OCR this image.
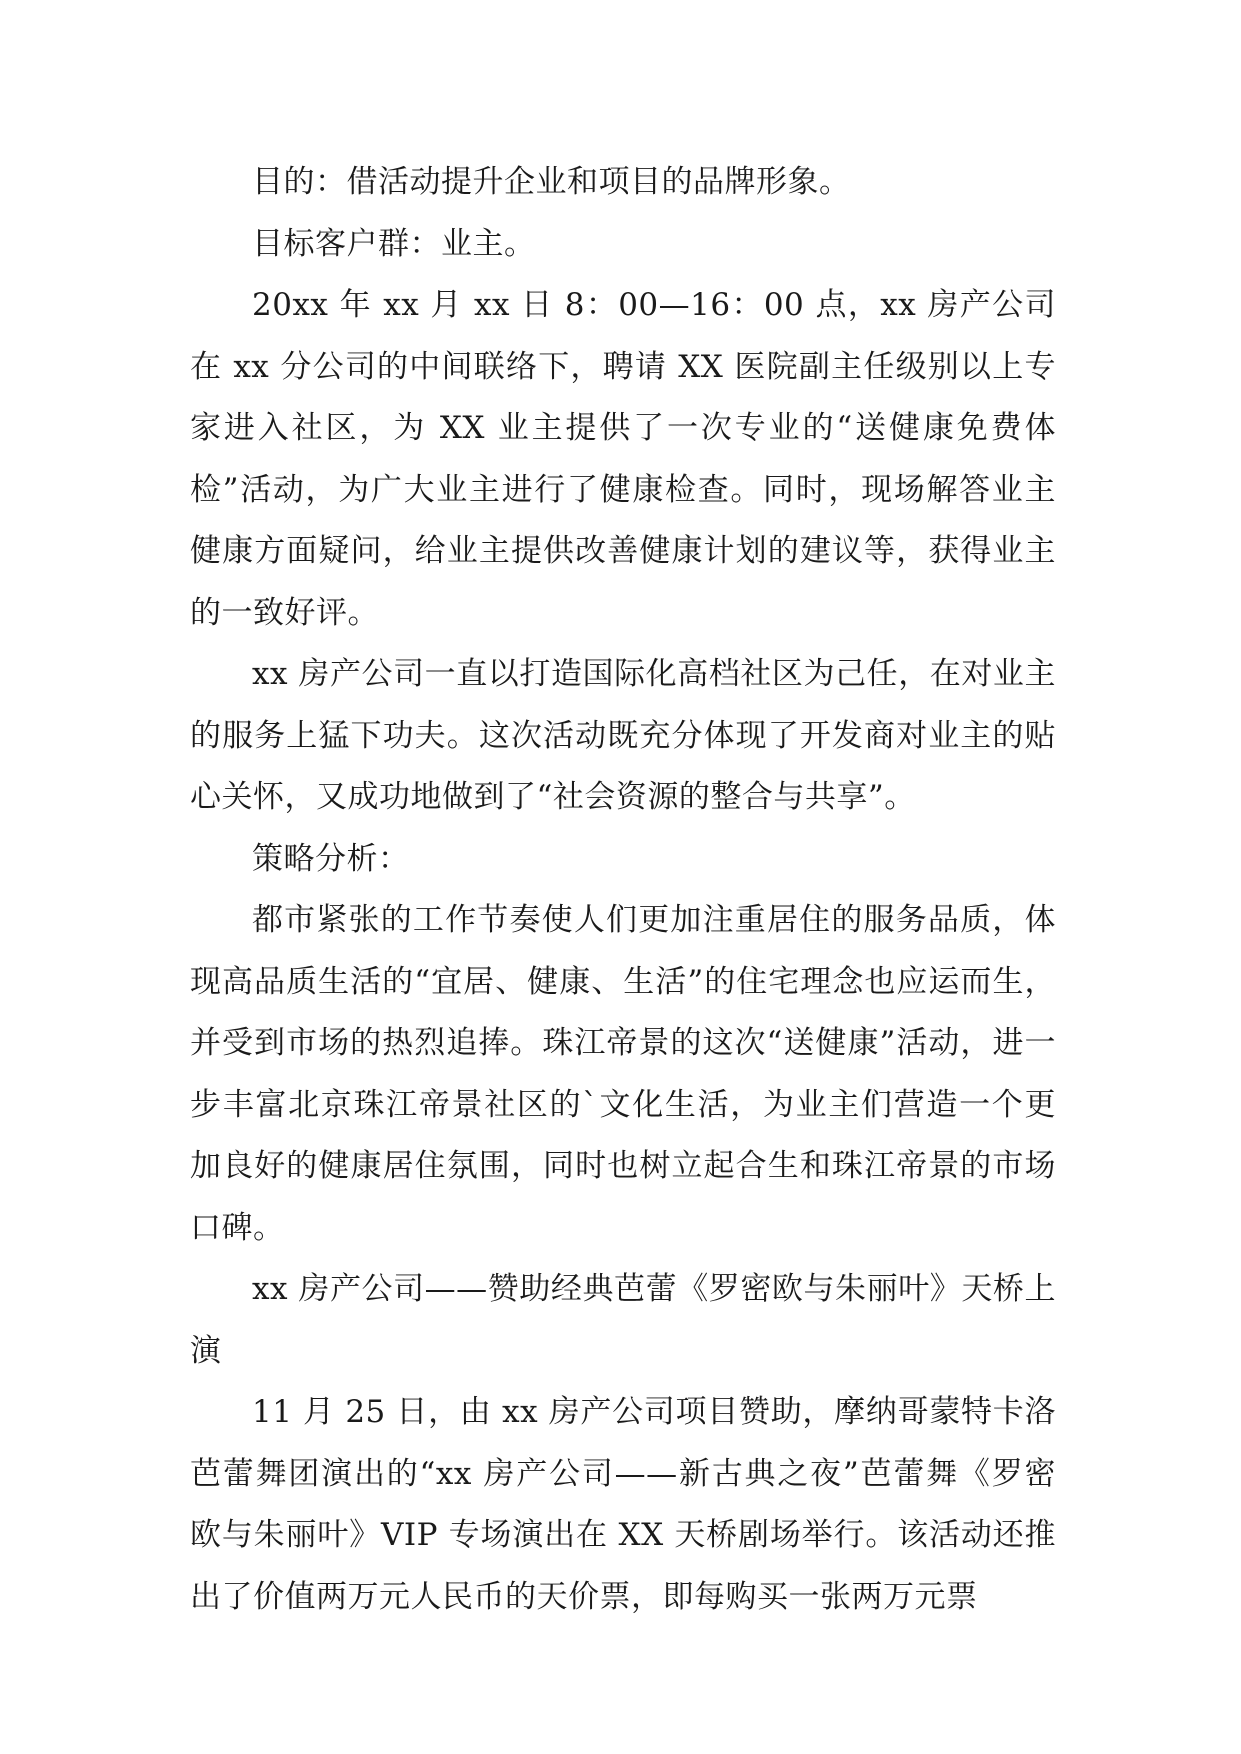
目的：借活动提升企业和项目的品牌形象。

目标客户群：业主。

20xx 年 xx 月 xx 日 8：00—16：00 点，xx 房产公司在 xx 分公司的中间联络下，聘请 XX 医院副主任级别以上专家进入社区，为 XX 业主提供了一次专业的“送健康免费体检”活动，为广大业主进行了健康检查。同时，现场解答业主健康方面疑问，给业主提供改善健康计划的建议等，获得业主的一致好评。

xx 房产公司一直以打造国际化高档社区为己任，在对业主的服务上猛下功夫。这次活动既充分体现了开发商对业主的贴心关怀，又成功地做到了“社会资源的整合与共享”。

策略分析：

都市紧张的工作节奏使人们更加注重居住的服务品质，体现高品质生活的“宜居、健康、生活”的住宅理念也应运而生，并受到市场的热烈追捧。珠江帝景的这次“送健康”活动，进一步丰富北京珠江帝景社区的`文化生活，为业主们营造一个更加良好的健康居住氛围，同时也树立起合生和珠江帝景的市场口碑。

xx 房产公司——赞助经典芭蕾《罗密欧与朱丽叶》天桥上演

11 月 25 日，由 xx 房产公司项目赞助，摩纳哥蒙特卡洛芭蕾舞团演出的“xx 房产公司——新古典之夜”芭蕾舞《罗密欧与朱丽叶》VIP 专场演出在 XX 天桥剧场举行。该活动还推出了价值两万元人民币的天价票，即每购买一张两万元票
